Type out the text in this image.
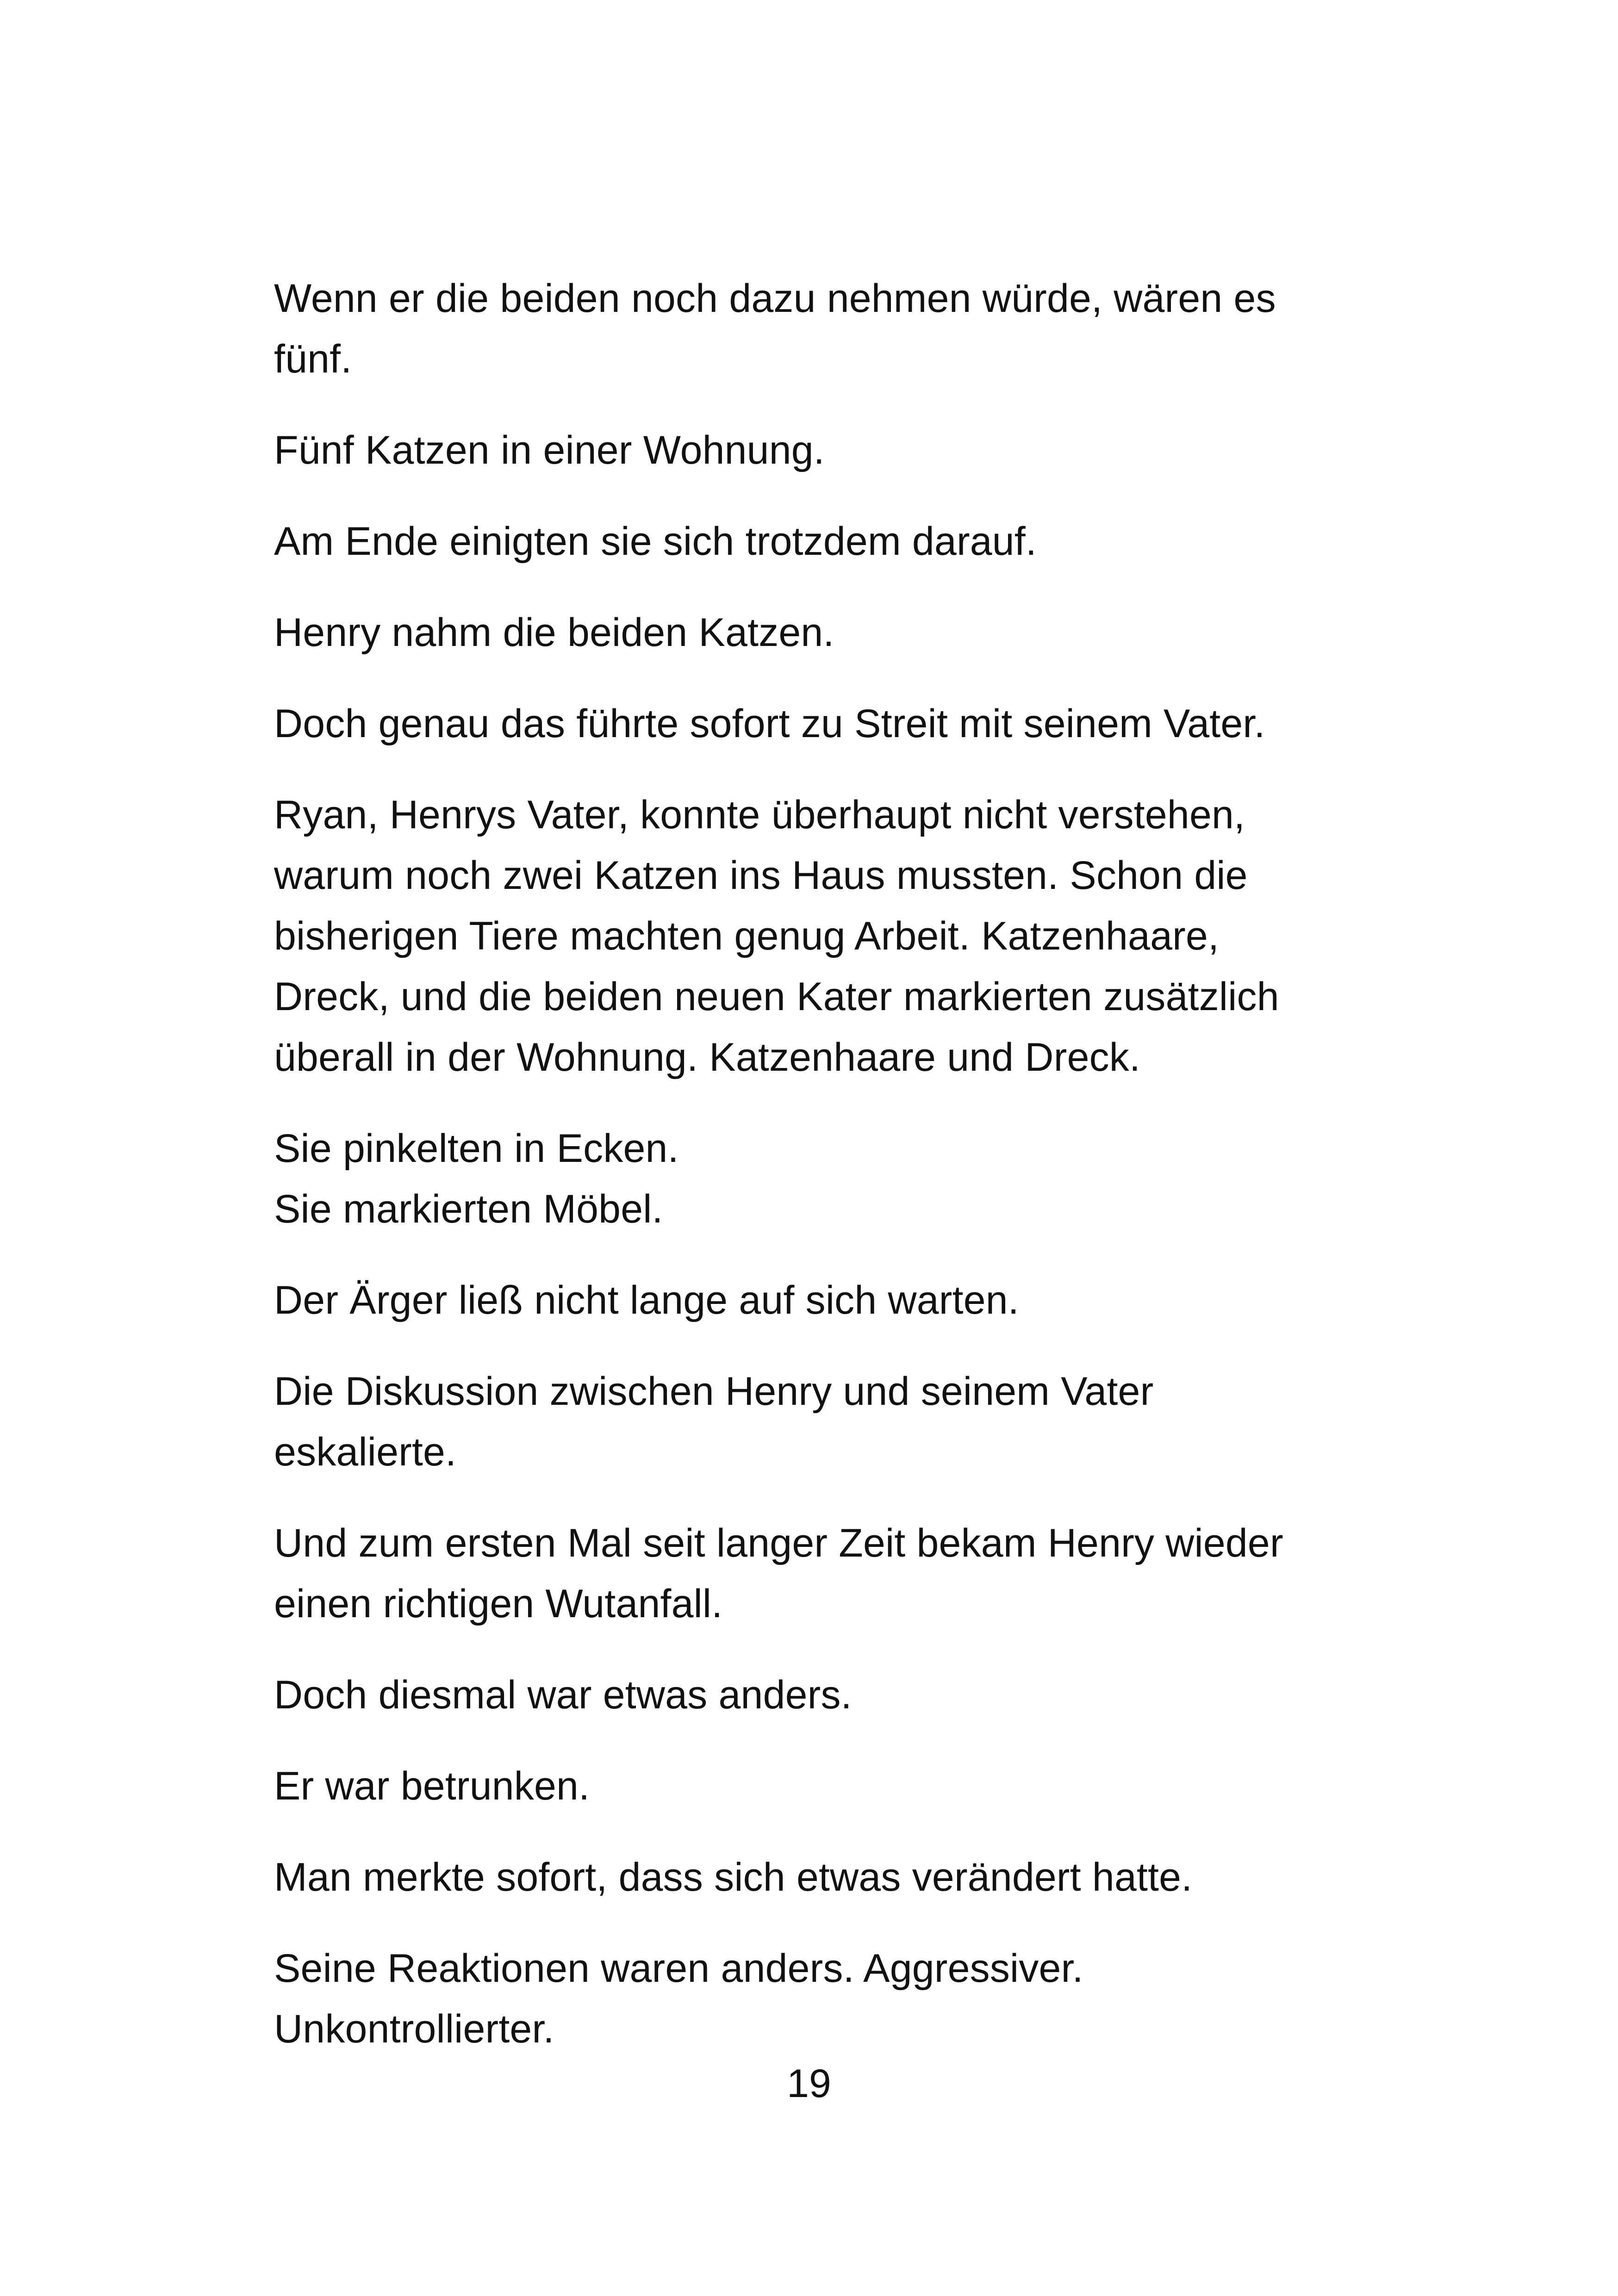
Wenn er die beiden noch dazu nehmen würde, wären es
fünf.

Fünf Katzen in einer Wohnung.

Am Ende einigten sie sich trotzdem darauf.

Henry nahm die beiden Katzen.

Doch genau das führte sofort zu Streit mit seinem Vater.

Ryan, Henrys Vater, konnte überhaupt nicht verstehen,
warum noch zwei Katzen ins Haus mussten. Schon die
bisherigen Tiere machten genug Arbeit. Katzenhaare,
Dreck, und die beiden neuen Kater markierten zusätzlich
überall in der Wohnung. Katzenhaare und Dreck.

Sie pinkelten in Ecken.
Sie markierten Möbel.

Der Ärger ließ nicht lange auf sich warten.

Die Diskussion zwischen Henry und seinem Vater
eskalierte.

Und zum ersten Mal seit langer Zeit bekam Henry wieder
einen richtigen Wutanfall.

Doch diesmal war etwas anders.

Er war betrunken.

Man merkte sofort, dass sich etwas verändert hatte.

Seine Reaktionen waren anders. Aggressiver.
Unkontrollierter.

19
